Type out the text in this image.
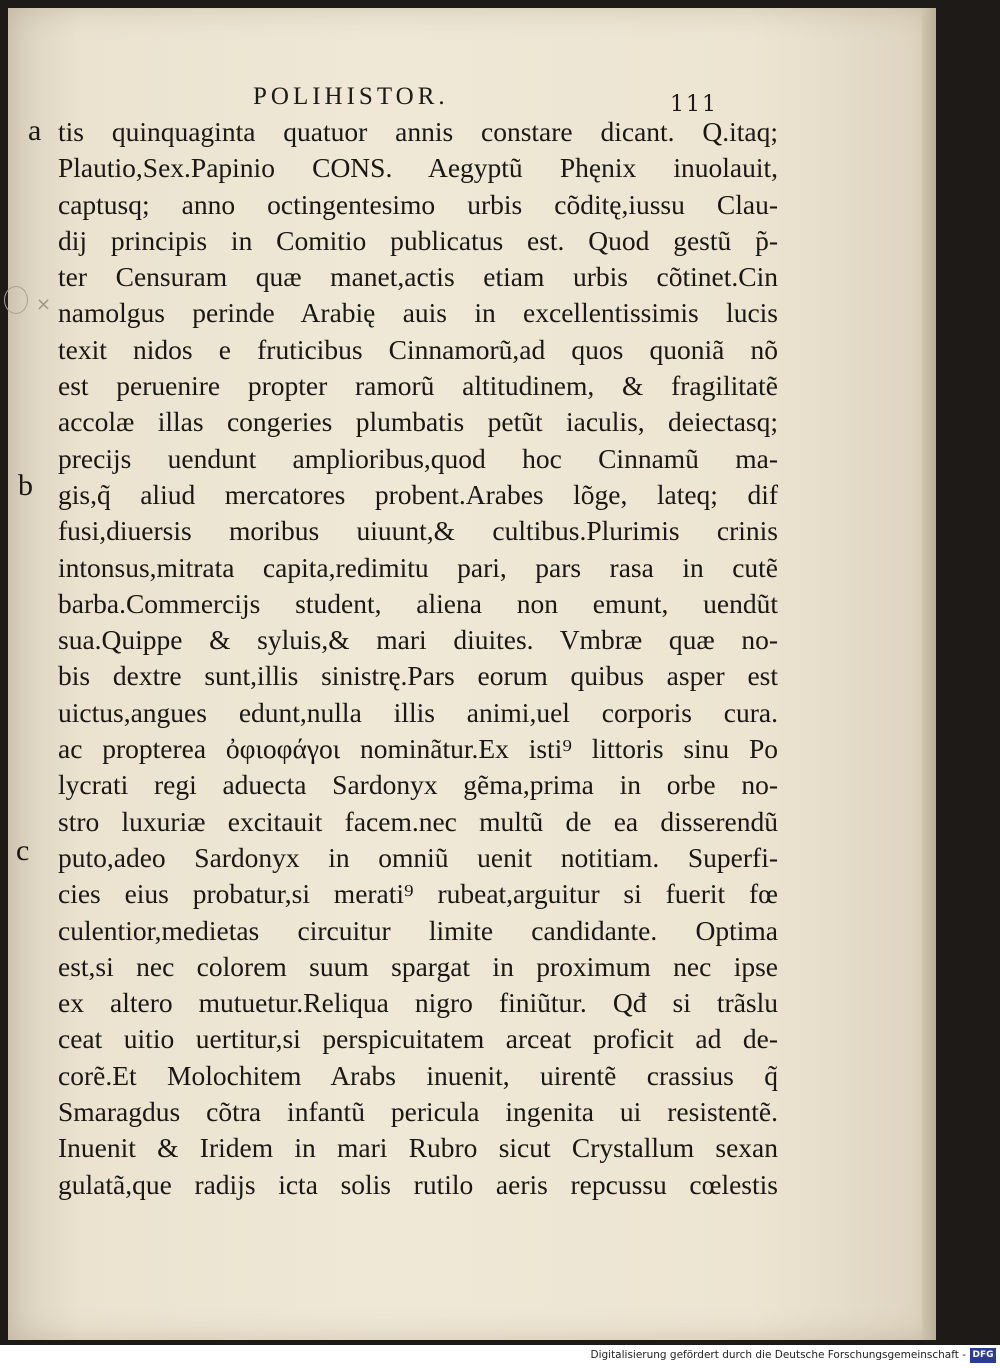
POLIHISTOR.	111
a
b
c
×
tis quinquaginta quatuor annis constare dicant. Q.itaq;
Plautio,Sex.Papinio CONS. Aegyptũ Phęnix inuolauit,
captusq; anno octingentesimo urbis cõditę,iussu Clau-
dij principis in Comitio publicatus est. Quod gestũ p̃-
ter Censuram quæ manet,actis etiam urbis cõtinet.Cin
namolgus perinde Arabię auis in excellentissimis lucis
texit nidos e fruticibus Cinnamorũ,ad quos quoniã nõ
est peruenire propter ramorũ altitudinem, & fragilitatẽ
accolæ illas congeries plumbatis petũt iaculis, deiectasq;
precijs uendunt amplioribus,quod hoc Cinnamũ ma-
gis,q̃ aliud mercatores probent.Arabes lõge, lateq; dif
fusi,diuersis moribus uiuunt,& cultibus.Plurimis crinis
intonsus,mitrata capita,redimitu pari, pars rasa in cutẽ
barba.Commercijs student, aliena non emunt, uendũt
sua.Quippe & syluis,& mari diuites. Vmbræ quæ no-
bis dextre sunt,illis sinistrę.Pars eorum quibus asper est
uictus,angues edunt,nulla illis animi,uel corporis cura.
ac propterea ὀφιοφάγοι nominãtur.Ex isti⁹ littoris sinu Po
lycrati regi aduecta Sardonyx gẽma,prima in orbe no-
stro luxuriæ excitauit facem.nec multũ de ea disserendũ
puto,adeo Sardonyx in omniũ uenit notitiam. Superfi-
cies eius probatur,si merati⁹ rubeat,arguitur si fuerit fœ
culentior,medietas circuitur limite candidante. Optima
est,si nec colorem suum spargat in proximum nec ipse
ex altero mutuetur.Reliqua nigro finiũtur. Qđ si trãslu
ceat uitio uertitur,si perspicuitatem arceat proficit ad de-
corẽ.Et Molochitem Arabs inuenit, uirentẽ crassius q̃
Smaragdus cõtra infantũ pericula ingenita ui resistentẽ.
Inuenit & Iridem in mari Rubro sicut Crystallum sexan
gulatã,que radijs icta solis rutilo aeris repcussu cœlestis
Digitalisierung gefördert durch die Deutsche Forschungsgemeinschaft - DFG
